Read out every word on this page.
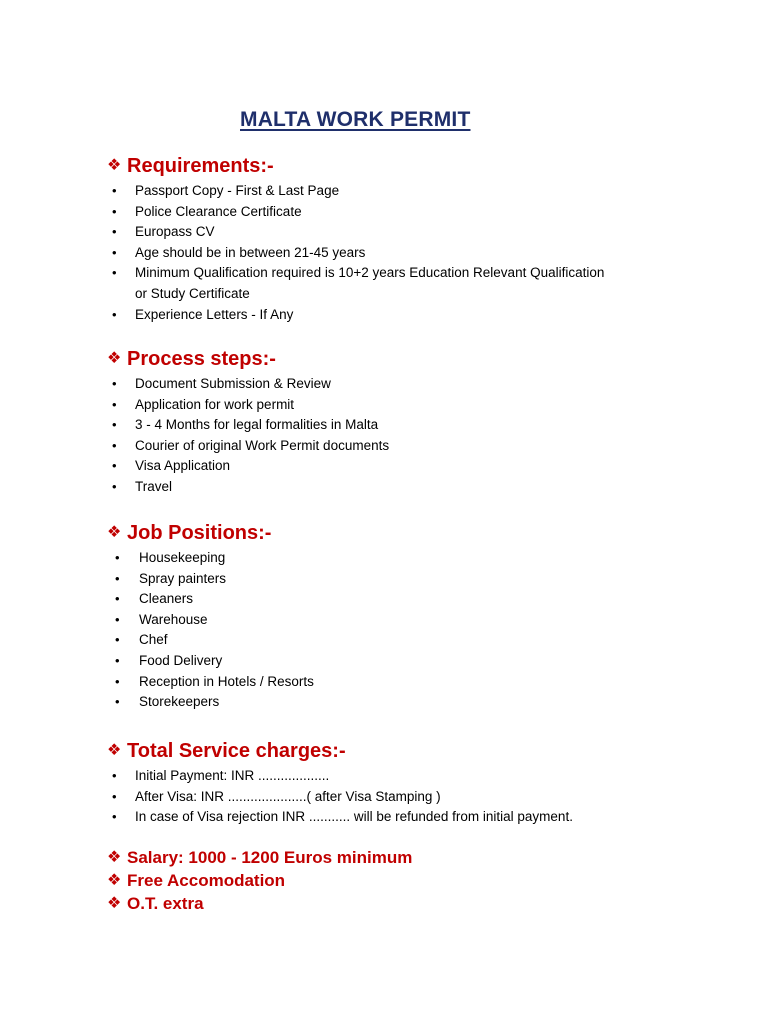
MALTA WORK PERMIT
❖ Requirements:-
• Passport Copy - First & Last Page
• Police Clearance Certificate
• Europass CV
• Age should be in between 21-45 years
• Minimum Qualification required is 10+2 years Education Relevant Qualification or Study Certificate
• Experience Letters - If Any
❖ Process steps:-
• Document Submission & Review
• Application for work permit
• 3 - 4 Months for legal formalities in Malta
• Courier of original Work Permit documents
• Visa Application
• Travel
❖ Job Positions:-
• Housekeeping
• Spray painters
• Cleaners
• Warehouse
• Chef
• Food Delivery
• Reception in Hotels / Resorts
• Storekeepers
❖ Total Service charges:-
• Initial Payment: INR ...................
• After Visa: INR .....................( after Visa Stamping )
• In case of Visa rejection INR ........... will be refunded from initial payment.
❖ Salary: 1000 - 1200 Euros minimum
❖ Free Accomodation
❖ O.T. extra
